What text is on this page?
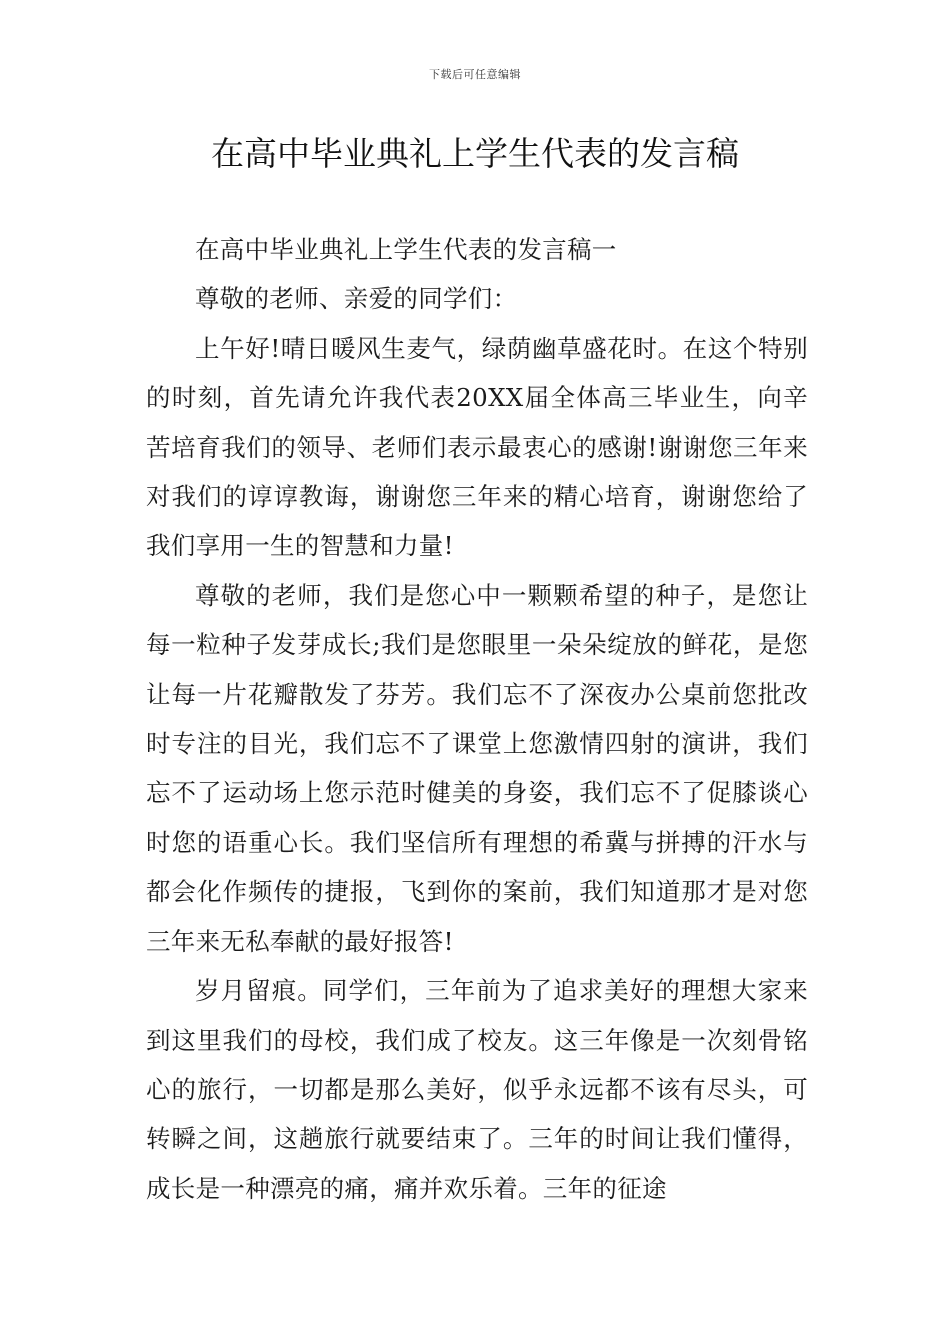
下载后可任意编辑
在高中毕业典礼上学生代表的发言稿

在高中毕业典礼上学生代表的发言稿一

尊敬的老师、亲爱的同学们：

上午好!晴日暖风生麦气，绿荫幽草盛花时。在这个特别的时刻，首先请允许我代表20XX届全体高三毕业生，向辛苦培育我们的领导、老师们表示最衷心的感谢!谢谢您三年来对我们的谆谆教诲，谢谢您三年来的精心培育，谢谢您给了我们享用一生的智慧和力量!

尊敬的老师，我们是您心中一颗颗希望的种子，是您让每一粒种子发芽成长;我们是您眼里一朵朵绽放的鲜花，是您让每一片花瓣散发了芬芳。我们忘不了深夜办公桌前您批改时专注的目光，我们忘不了课堂上您激情四射的演讲，我们忘不了运动场上您示范时健美的身姿，我们忘不了促膝谈心时您的语重心长。我们坚信所有理想的希冀与拼搏的汗水与都会化作频传的捷报，飞到你的案前，我们知道那才是对您三年来无私奉献的最好报答!

岁月留痕。同学们，三年前为了追求美好的理想大家来到这里我们的母校，我们成了校友。这三年像是一次刻骨铭心的旅行，一切都是那么美好，似乎永远都不该有尽头，可转瞬之间，这趟旅行就要结束了。三年的时间让我们懂得，成长是一种漂亮的痛，痛并欢乐着。三年的征途
